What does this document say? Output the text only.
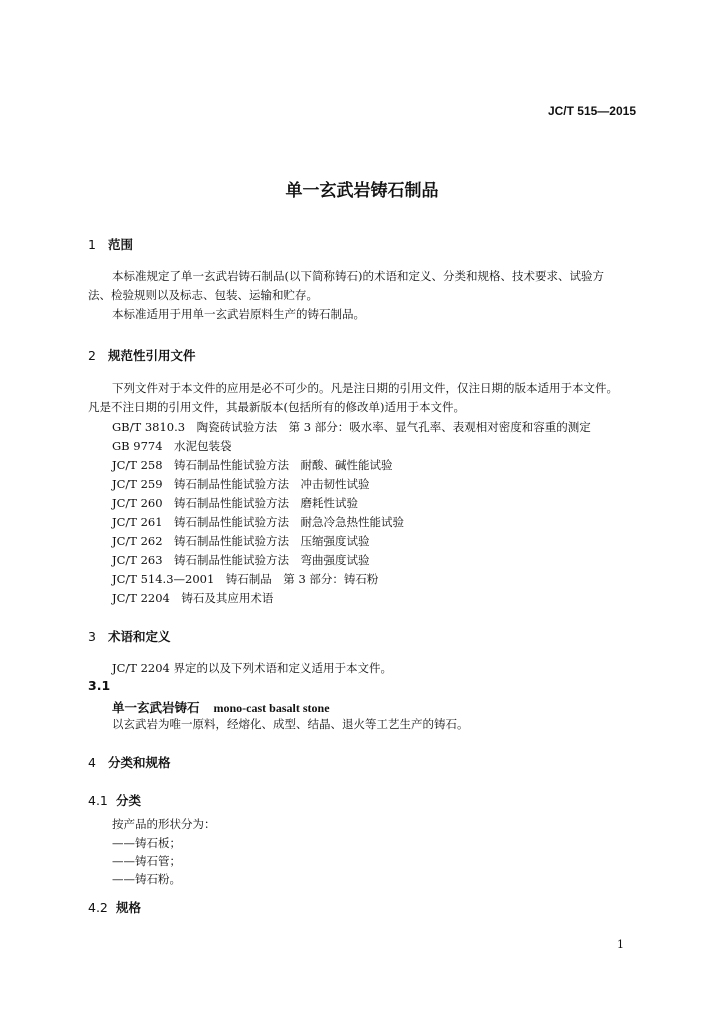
JC/T 515—2015
单一玄武岩铸石制品
1 范围
本标准规定了单一玄武岩铸石制品(以下简称铸石)的术语和定义、分类和规格、技术要求、试验方
法、检验规则以及标志、包装、运输和贮存。
本标准适用于用单一玄武岩原料生产的铸石制品。
2 规范性引用文件
下列文件对于本文件的应用是必不可少的。凡是注日期的引用文件，仅注日期的版本适用于本文件。
凡是不注日期的引用文件，其最新版本(包括所有的修改单)适用于本文件。
GB/T 3810.3　陶瓷砖试验方法　第 3 部分：吸水率、显气孔率、表观相对密度和容重的测定
GB 9774　水泥包装袋
JC/T 258　铸石制品性能试验方法　耐酸、碱性能试验
JC/T 259　铸石制品性能试验方法　冲击韧性试验
JC/T 260　铸石制品性能试验方法　磨耗性试验
JC/T 261　铸石制品性能试验方法　耐急冷急热性能试验
JC/T 262　铸石制品性能试验方法　压缩强度试验
JC/T 263　铸石制品性能试验方法　弯曲强度试验
JC/T 514.3—2001　铸石制品　第 3 部分：铸石粉
JC/T 2204　铸石及其应用术语
3 术语和定义
JC/T 2204 界定的以及下列术语和定义适用于本文件。
3.1
单一玄武岩铸石 mono-cast basalt stone
以玄武岩为唯一原料，经熔化、成型、结晶、退火等工艺生产的铸石。
4 分类和规格
4.1 分类
按产品的形状分为：
——铸石板；
——铸石管；
——铸石粉。
4.2 规格
1
